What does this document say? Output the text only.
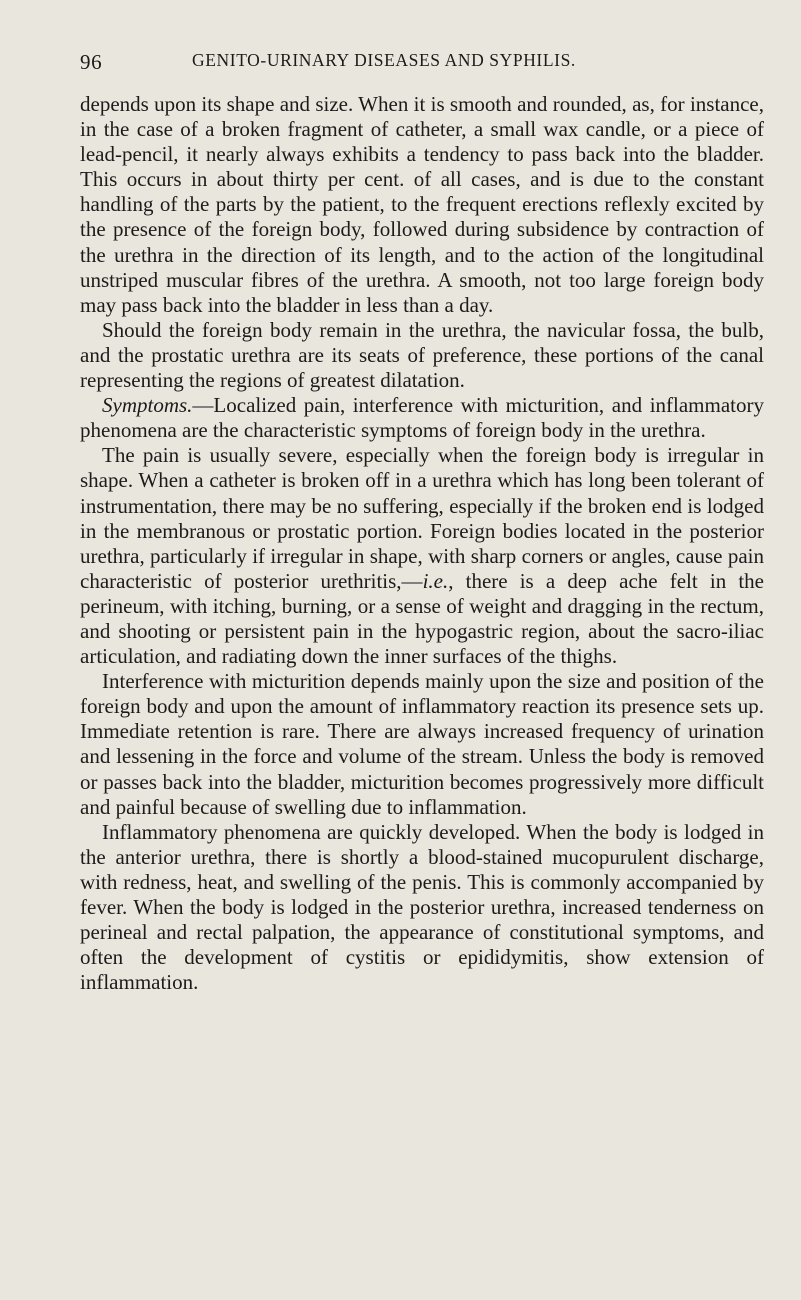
96	GENITO-URINARY DISEASES AND SYPHILIS.

depends upon its shape and size. When it is smooth and rounded, as, for instance, in the case of a broken fragment of catheter, a small wax candle, or a piece of lead-pencil, it nearly always exhibits a tendency to pass back into the bladder. This occurs in about thirty per cent. of all cases, and is due to the constant handling of the parts by the patient, to the frequent erections reflexly excited by the presence of the foreign body, followed during subsidence by contraction of the urethra in the direction of its length, and to the action of the longitudinal unstriped muscular fibres of the urethra. A smooth, not too large foreign body may pass back into the bladder in less than a day.

Should the foreign body remain in the urethra, the navicular fossa, the bulb, and the prostatic urethra are its seats of preference, these portions of the canal representing the regions of greatest dilatation.

Symptoms.—Localized pain, interference with micturition, and inflammatory phenomena are the characteristic symptoms of foreign body in the urethra.

The pain is usually severe, especially when the foreign body is irregular in shape. When a catheter is broken off in a urethra which has long been tolerant of instrumentation, there may be no suffering, especially if the broken end is lodged in the membranous or prostatic portion. Foreign bodies located in the posterior urethra, particularly if irregular in shape, with sharp corners or angles, cause pain characteristic of posterior urethritis,—i.e., there is a deep ache felt in the perineum, with itching, burning, or a sense of weight and dragging in the rectum, and shooting or persistent pain in the hypogastric region, about the sacro-iliac articulation, and radiating down the inner surfaces of the thighs.

Interference with micturition depends mainly upon the size and position of the foreign body and upon the amount of inflammatory reaction its presence sets up. Immediate retention is rare. There are always increased frequency of urination and lessening in the force and volume of the stream. Unless the body is removed or passes back into the bladder, micturition becomes progressively more difficult and painful because of swelling due to inflammation.

Inflammatory phenomena are quickly developed. When the body is lodged in the anterior urethra, there is shortly a blood-stained mucopurulent discharge, with redness, heat, and swelling of the penis. This is commonly accompanied by fever. When the body is lodged in the posterior urethra, increased tenderness on perineal and rectal palpation, the appearance of constitutional symptoms, and often the development of cystitis or epididymitis, show extension of inflammation.
